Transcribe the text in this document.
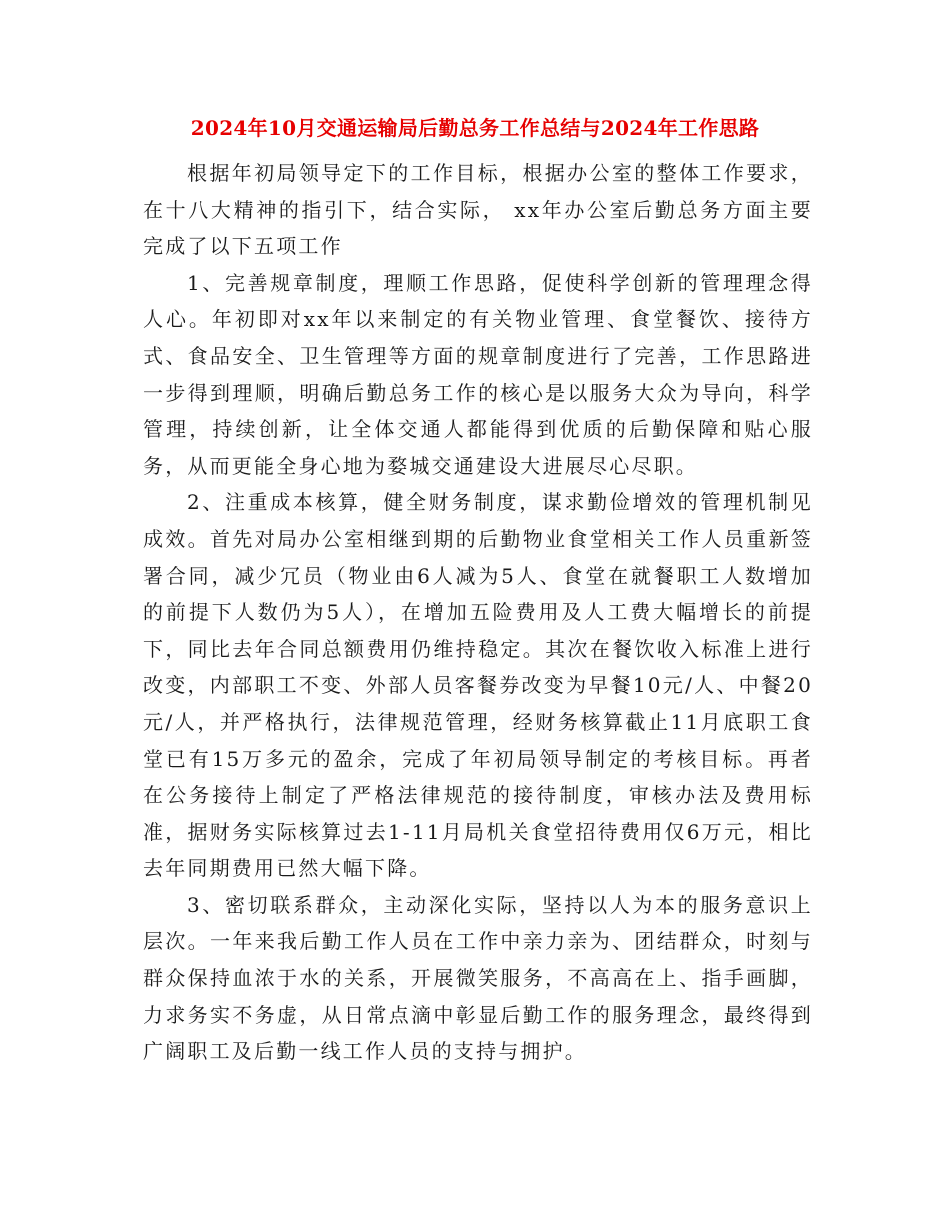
2024年10月交通运输局后勤总务工作总结与2024年工作思路

根据年初局领导定下的工作目标，根据办公室的整体工作要求，在十八大精神的指引下，结合实际， xx年办公室后勤总务方面主要完成了以下五项工作

1、完善规章制度，理顺工作思路，促使科学创新的管理理念得人心。年初即对xx年以来制定的有关物业管理、食堂餐饮、接待方式、食品安全、卫生管理等方面的规章制度进行了完善，工作思路进一步得到理顺，明确后勤总务工作的核心是以服务大众为导向，科学管理，持续创新，让全体交通人都能得到优质的后勤保障和贴心服务，从而更能全身心地为婺城交通建设大进展尽心尽职。

2、注重成本核算，健全财务制度，谋求勤俭增效的管理机制见成效。首先对局办公室相继到期的后勤物业食堂相关工作人员重新签署合同，减少冗员（物业由6人减为5人、食堂在就餐职工人数增加的前提下人数仍为5人），在增加五险费用及人工费大幅增长的前提下，同比去年合同总额费用仍维持稳定。其次在餐饮收入标准上进行改变，内部职工不变、外部人员客餐券改变为早餐10元/人、中餐20元/人，并严格执行，法律规范管理，经财务核算截止11月底职工食堂已有15万多元的盈余，完成了年初局领导制定的考核目标。再者在公务接待上制定了严格法律规范的接待制度，审核办法及费用标准，据财务实际核算过去1-11月局机关食堂招待费用仅6万元，相比去年同期费用已然大幅下降。

3、密切联系群众，主动深化实际，坚持以人为本的服务意识上层次。一年来我后勤工作人员在工作中亲力亲为、团结群众，时刻与群众保持血浓于水的关系，开展微笑服务，不高高在上、指手画脚，力求务实不务虚，从日常点滴中彰显后勤工作的服务理念，最终得到广阔职工及后勤一线工作人员的支持与拥护。
